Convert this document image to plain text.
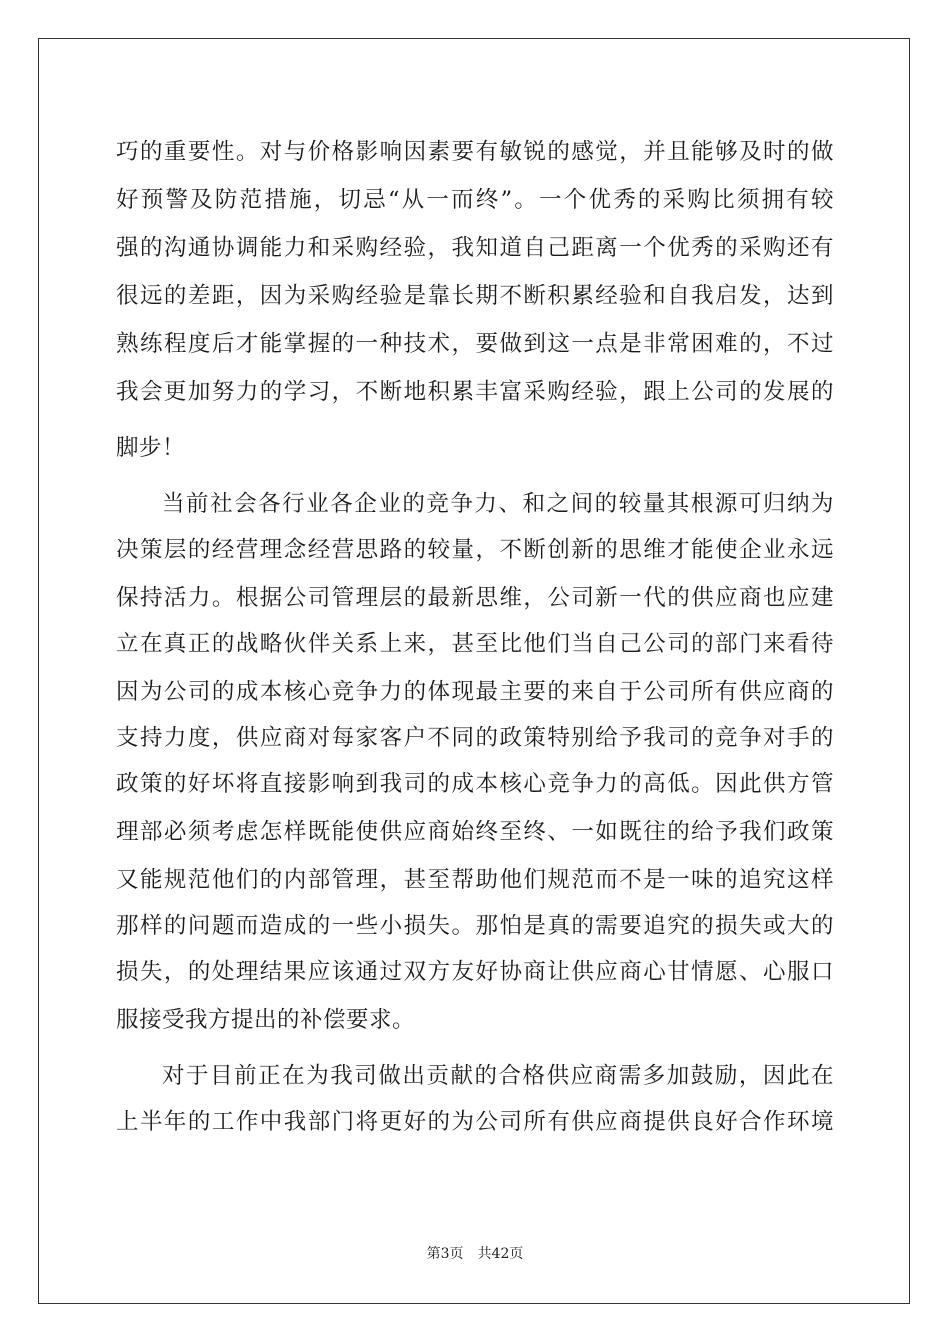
巧的重要性。对与价格影响因素要有敏锐的感觉，并且能够及时的做
好预警及防范措施，切忌“从一而终”。一个优秀的采购比须拥有较
强的沟通协调能力和采购经验，我知道自己距离一个优秀的采购还有
很远的差距，因为采购经验是靠长期不断积累经验和自我启发，达到
熟练程度后才能掌握的一种技术，要做到这一点是非常困难的，不过
我会更加努力的学习，不断地积累丰富采购经验，跟上公司的发展的
脚步！
当前社会各行业各企业的竞争力、和之间的较量其根源可归纳为
决策层的经营理念经营思路的较量，不断创新的思维才能使企业永远
保持活力。根据公司管理层的最新思维，公司新一代的供应商也应建
立在真正的战略伙伴关系上来，甚至比他们当自己公司的部门来看待
因为公司的成本核心竞争力的体现最主要的来自于公司所有供应商的
支持力度，供应商对每家客户不同的政策特别给予我司的竞争对手的
政策的好坏将直接影响到我司的成本核心竞争力的高低。因此供方管
理部必须考虑怎样既能使供应商始终至终、一如既往的给予我们政策
又能规范他们的内部管理，甚至帮助他们规范而不是一味的追究这样
那样的问题而造成的一些小损失。那怕是真的需要追究的损失或大的
损失，的处理结果应该通过双方友好协商让供应商心甘情愿、心服口
服接受我方提出的补偿要求。
对于目前正在为我司做出贡献的合格供应商需多加鼓励，因此在
上半年的工作中我部门将更好的为公司所有供应商提供良好合作环境
第3页 共42页
